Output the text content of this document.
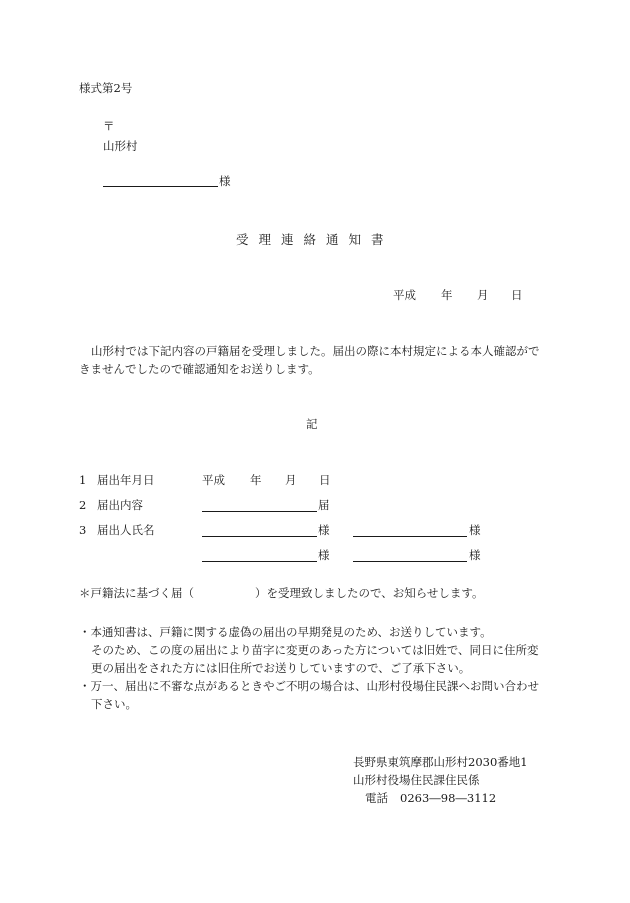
様式第2号
〒
山形村
様
受理連絡通知書
平成 年 月 日
山形村では下記内容の戸籍届を受理しました。届出の際に本村規定による本人確認がで
きませんでしたので確認通知をお送りします。
記
1 届出年月日	平成 年 月 日
2 届出内容	届
3 届出人氏名	様	様
様	様
＊戸籍法に基づく届（	）を受理致しましたので、お知らせします。
・本通知書は、戸籍に関する虚偽の届出の早期発見のため、お送りしています。
そのため、この度の届出により苗字に変更のあった方については旧姓で、同日に住所変
更の届出をされた方には旧住所でお送りしていますので、ご了承下さい。
・万一、届出に不審な点があるときやご不明の場合は、山形村役場住民課へお問い合わせ
下さい。
長野県東筑摩郡山形村2030番地1
山形村役場住民課住民係
電話 0263―98―3112
